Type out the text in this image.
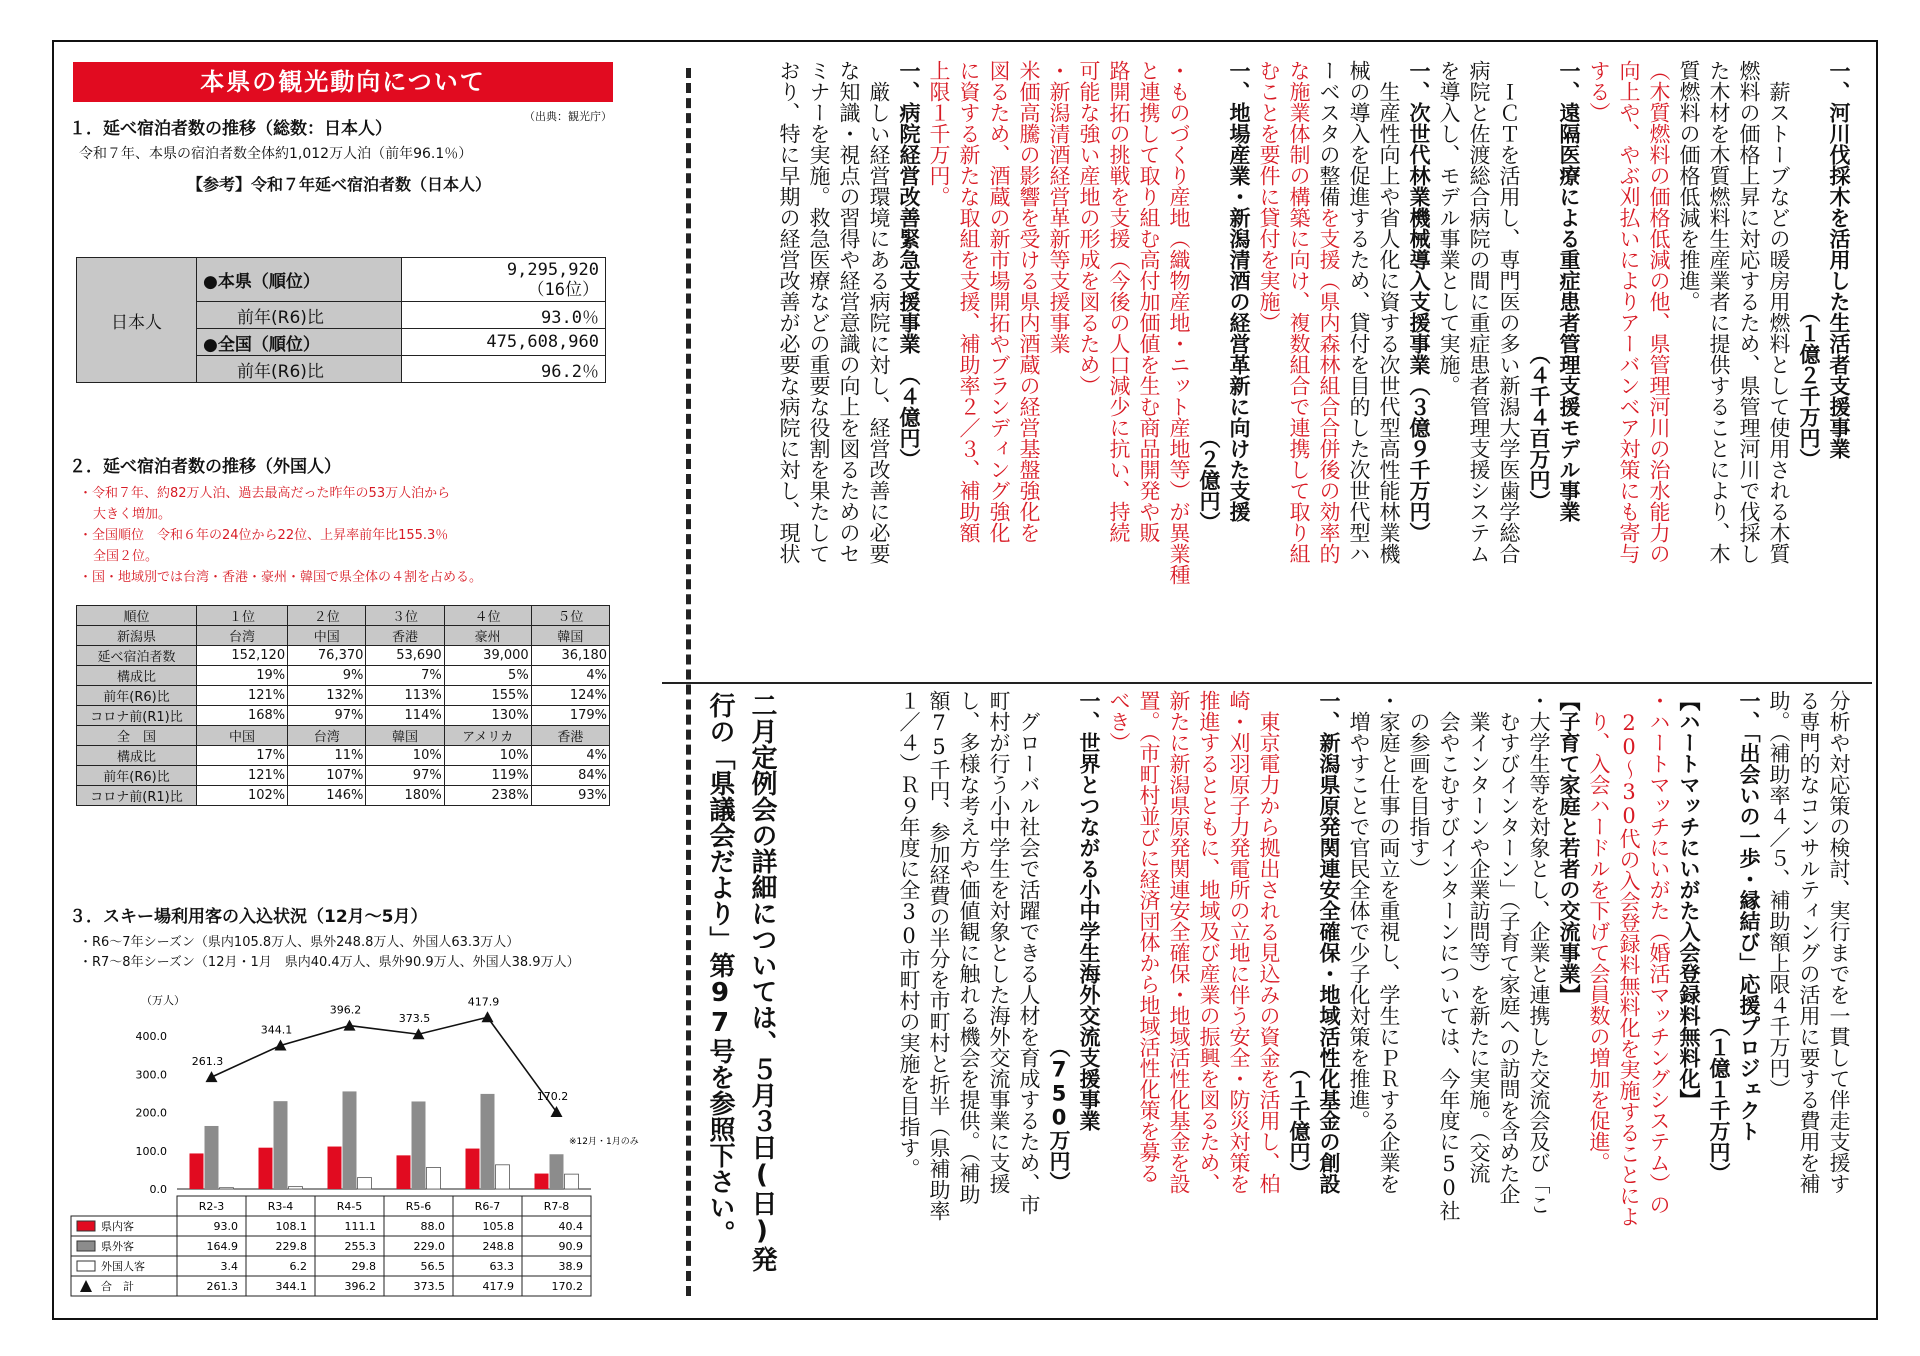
本県の観光動向について
（出典：観光庁）
１．延べ宿泊者数の推移（総数：日本人）
令和７年、本県の宿泊者数全体約1,012万人泊（前年96.1％）
【参考】令和７年延べ宿泊者数（日本人）
日本人	●本県（順位）	9,295,920
（16位）
	前年(R6)比	93.0％
	●全国（順位）	475,608,960
	前年(R6)比	96.2％
２．延べ宿泊者数の推移（外国人）
・令和７年、約82万人泊、過去最高だった昨年の53万人泊から
大きく増加。
・全国順位　令和６年の24位から22位、上昇率前年比155.3％
全国２位。
・国・地域別では台湾・香港・豪州・韓国で県全体の４割を占める。
順位	１位	２位	３位	４位	５位
新潟県	台湾	中国	香港	豪州	韓国
延べ宿泊者数	152,120	76,370	53,690	39,000	36,180
構成比	19%	9%	7%	5%	4%
前年(R6)比	121%	132%	113%	155%	124%
コロナ前(R1)比	168%	97%	114%	130%	179%
全　国	中国	台湾	韓国	アメリカ	香港
構成比	17%	11%	10%	10%	4%
前年(R6)比	121%	107%	97%	119%	84%
コロナ前(R1)比	102%	146%	180%	238%	93%
３．スキー場利用客の入込状況（12月～5月）
・R6～7年シーズン（県内105.8万人、県外248.8万人、外国人63.3万人）
・R7～8年シーズン（12月・1月　県内40.4万人、県外90.9万人、外国人38.9万人）
（万人）
0.0
100.0
200.0
300.0
400.0
261.3
344.1
396.2
373.5
417.9
170.2
※12月・1月のみ
R2-3	R3-4	R4-5	R5-6	R6-7	R7-8
県内客	93.0	108.1	111.1	88.0	105.8	40.4
県外客	164.9	229.8	255.3	229.0	248.8	90.9
外国人客	3.4	6.2	29.8	56.5	63.3	38.9
合　計	261.3	344.1	396.2	373.5	417.9	170.2
一、河川伐採木を活用した生活者支援事業
　　　　　　　　　　　　（１億２千万円）
　薪ストーブなどの暖房用燃料として使用される木質
燃料の価格上昇に対応するため、県管理河川で伐採し
た木材を木質燃料生産業者に提供することにより、木
質燃料の価格低減を推進。
（木質燃料の価格低減の他、県管理河川の治水能力の
向上や、やぶ刈払いによりアーバンベア対策にも寄与
する）
一、遠隔医療による重症患者管理支援モデル事業
　　　　　　　　　　　　　　（４千４百万円）
　ＩＣＴを活用し、専門医の多い新潟大学医歯学総合
病院と佐渡総合病院の間に重症患者管理支援システム
を導入し、モデル事業として実施。
一、次世代林業機械導入支援事業（３億９千万円）
　生産性向上や省人化に資する次世代型高性能林業機
械の導入を促進するため、貸付を目的した次世代型ハ
ーベスタの整備を支援（県内森林組合合併後の効率的
な施業体制の構築に向け、複数組合で連携して取り組
むことを要件に貸付を実施）
一、地場産業・新潟清酒の経営革新に向けた支援
　　　　　　　　　　　　　　　　　　（２億円）
・ものづくり産地（織物産地・ニット産地等）が異業種
と連携して取り組む高付加価値を生む商品開発や販
路開拓の挑戦を支援（今後の人口減少に抗い、持続
可能な強い産地の形成を図るため）
・新潟清酒経営革新等支援事業
米価高騰の影響を受ける県内酒蔵の経営基盤強化を
図るため、酒蔵の新市場開拓やブランディング強化
に資する新たな取組を支援、補助率２／３、補助額
上限１千万円。
一、病院経営改善緊急支援事業　（４億円）
　厳しい経営環境にある病院に対し、経営改善に必要
な知識・視点の習得や経営意識の向上を図るためのセ
ミナーを実施。救急医療などの重要な役割を果たして
おり、特に早期の経営改善が必要な病院に対し、現状
分析や対応策の検討、実行までを一貫して伴走支援す
る専門的なコンサルティングの活用に要する費用を補
助。（補助率４／５、補助額上限４千万円）
一、「出会いの一歩・縁結び」応援プロジェクト
　　　　　　　　　　　　　　　　（１億１千万円）
【ハートマッチにいがた入会登録料無料化】
・ハートマッチにいがた（婚活マッチングシステム）の
　20～30代の入会登録料無料化を実施することによ
　り、入会ハードルを下げて会員数の増加を促進。
【子育て家庭と若者の交流事業】
・大学生等を対象とし、企業と連携した交流会及び「こ
　むすびインターン」（子育て家庭への訪問を含めた企
　業インターンや企業訪問等）を新たに実施。（交流
　会やこむすびインターンについては、今年度に50社
　の参画を目指す）
・家庭と仕事の両立を重視し、学生にＰＲする企業を
　増やすことで官民全体で少子化対策を推進。
一、新潟県原発関連安全確保・地域活性化基金の創設
　　　　　　　　　　　　　　　　　　（１千億円）
　東京電力から拠出される見込みの資金を活用し、柏
崎・刈羽原子力発電所の立地に伴う安全・防災対策を
推進するとともに、地域及び産業の振興を図るため、
新たに新潟県原発関連安全確保・地域活性化基金を設
置。（市町村並びに経済団体から地域活性化策を募る
べき）
一、世界とつながる小中学生海外交流支援事業
　　　　　　　　　　　　　　　　　（750万円）
　グローバル社会で活躍できる人材を育成するため、市
町村が行う小中学生を対象とした海外交流事業に支援
し、多様な考え方や価値観に触れる機会を提供。（補助
額75千円、参加経費の半分を市町村と折半（県補助率
１／４）Ｒ９年度に全30市町村の実施を目指す。
二月定例会の詳細については、５月３日(日)発
行の「県議会だより」第97号を参照下さい。
